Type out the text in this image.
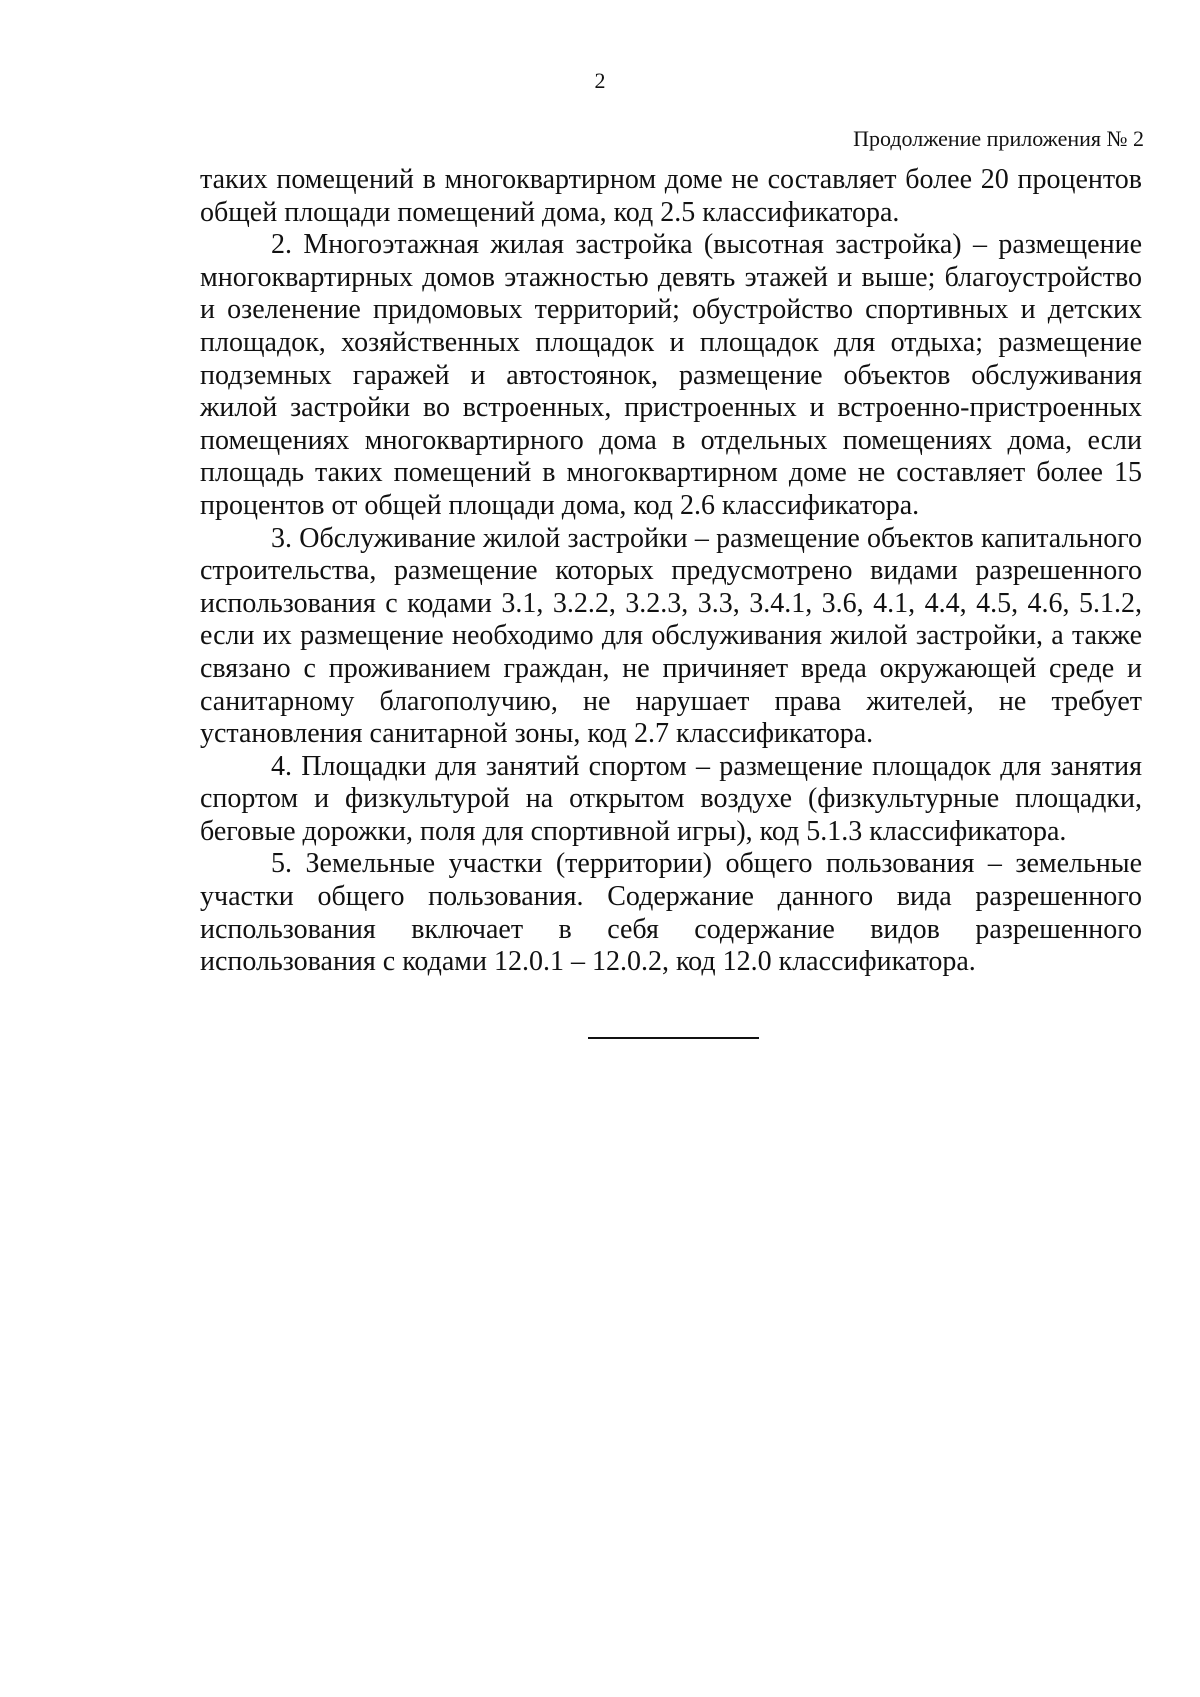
2
Продолжение приложения № 2

таких помещений в многоквартирном доме не составляет более 20 процентов общей площади помещений дома, код 2.5 классификатора.

2. Многоэтажная жилая застройка (высотная застройка) – размещение многоквартирных домов этажностью девять этажей и выше; благоустройство и озеленение придомовых территорий; обустройство спортивных и детских площадок, хозяйственных площадок и площадок для отдыха; размещение подземных гаражей и автостоянок, размещение объектов обслуживания жилой застройки во встроенных, пристроенных и встроенно-пристроенных помещениях многоквартирного дома в отдельных помещениях дома, если площадь таких помещений в многоквартирном доме не составляет более 15 процентов от общей площади дома, код 2.6 классификатора.

3. Обслуживание жилой застройки – размещение объектов капитального строительства, размещение которых предусмотрено видами разрешенного использования с кодами 3.1, 3.2.2, 3.2.3, 3.3, 3.4.1, 3.6, 4.1, 4.4, 4.5, 4.6, 5.1.2, если их размещение необходимо для обслуживания жилой застройки, а также связано с проживанием граждан, не причиняет вреда окружающей среде и санитарному благополучию, не нарушает права жителей, не требует установления санитарной зоны, код 2.7 классификатора.

4. Площадки для занятий спортом – размещение площадок для занятия спортом и физкультурой на открытом воздухе (физкультурные площадки, беговые дорожки, поля для спортивной игры), код 5.1.3 классификатора.

5. Земельные участки (территории) общего пользования – земельные участки общего пользования. Содержание данного вида разрешенного использования включает в себя содержание видов разрешенного использования с кодами 12.0.1 – 12.0.2, код 12.0 классификатора.
